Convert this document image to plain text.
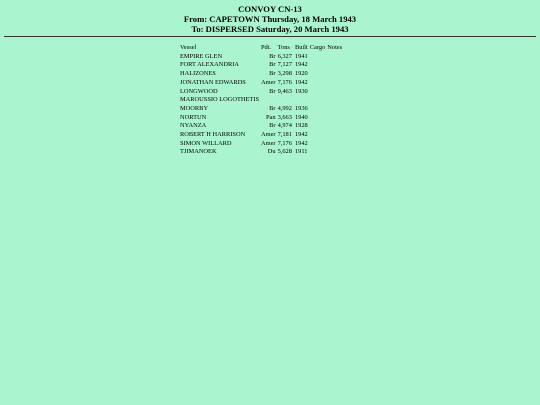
CONVOY CN-13
From: CAPETOWN Thursday, 18 March 1943
To: DISPERSED Saturday, 20 March 1943
Vessel	Pdt.	Tons	Built	Cargo	Notes
EMPIRE GLEN	Br	6,327	1941		
FORT ALEXANDRIA	Br	7,127	1942		
HALIZONES	Br	3,298	1920		
JONATHAN EDWARDS	Amer	7,176	1942		
LONGWOOD	Br	9,463	1930		
MAROUSSIO LOGOTHETIS					
MOORBY	Br	4,992	1936		
NORTUN	Pan	3,663	1940		
NYANZA	Br	4,974	1928		
ROBERT H HARRISON	Amer	7,181	1942		
SIMON WILLARD	Amer	7,176	1942		
TJIMANOEK	Du	5,628	1911		
